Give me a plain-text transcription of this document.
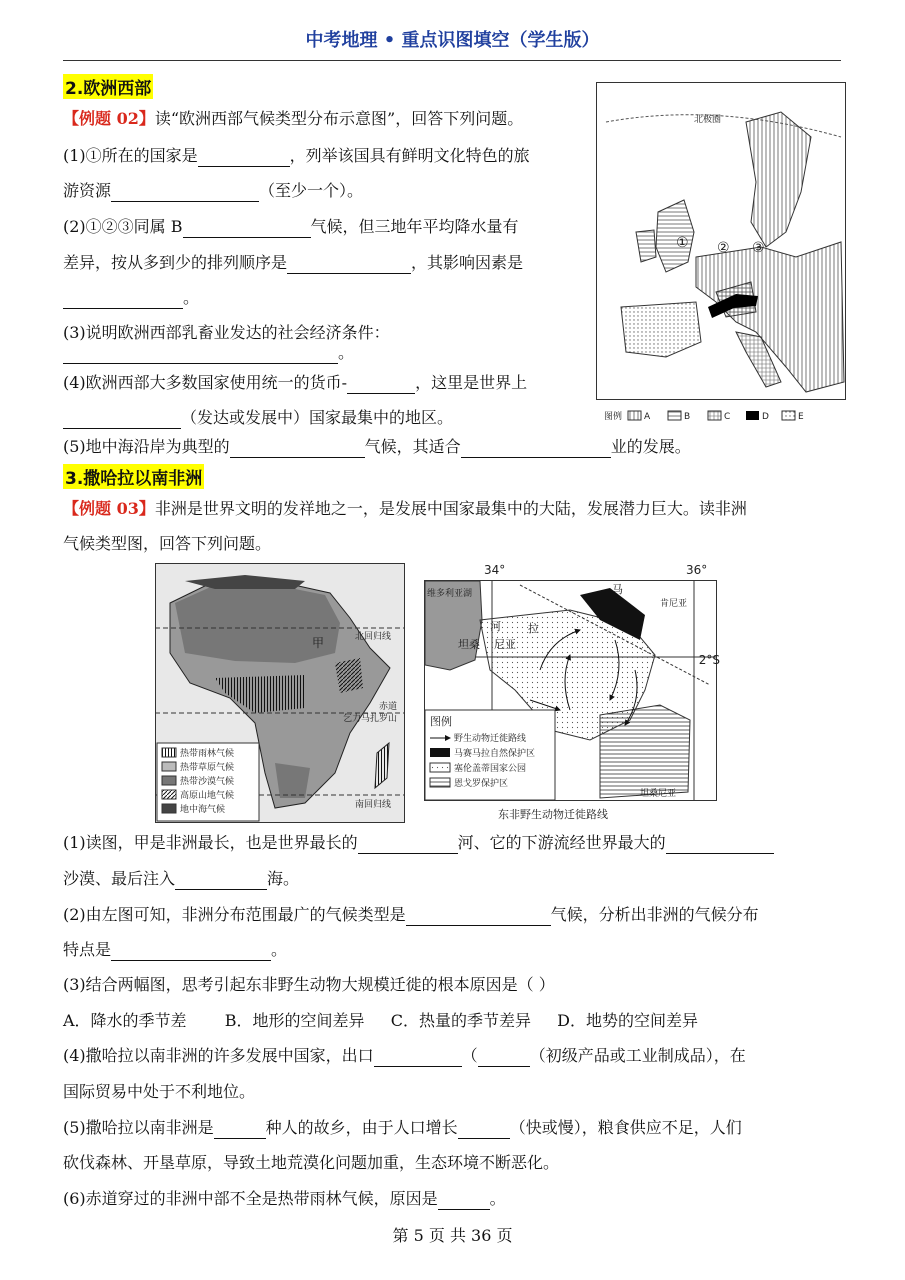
中考地理 • 重点识图填空（学生版）
2.欧洲西部
【例题 02】读“欧洲西部气候类型分布示意图”，回答下列问题。
(1)①所在的国家是	，列举该国具有鲜明文化特色的旅
游资源	（至少一个）。
(2)①②③同属 B	气候，但三地年平均降水量有
差异，按从多到少的排列顺序是	，其影响因素是
。
(3)说明欧洲西部乳畜业发达的社会经济条件：
。
(4)欧洲西部大多数国家使用统一的货币-	，这里是世界上
（发达或发展中）国家最集中的地区。
(5)地中海沿岸为典型的	气候，其适合	业的发展。
北极圈
① ② ③
图例 A	B	C	D	E
3.撒哈拉以南非洲
【例题 03】非洲是世界文明的发祥地之一，是发展中国家最集中的大陆，发展潜力巨大。读非洲
气候类型图，回答下列问题。
甲	北回归线
赤道
乞力马扎罗山
南回归线
热带雨林气候
热带草原气候
热带沙漠气候
高原山地气候
地中海气候
34°	36°
2°S
维多利亚湖
河 拉
尼亚
坦桑
马
肯尼亚
坦桑尼亚
图例
野生动物迁徙路线
马赛马拉自然保护区
塞伦盖蒂国家公园
恩戈罗保护区
东非野生动物迁徙路线
(1)读图，甲是非洲最长，也是世界最长的	河、它的下游流经世界最大的
沙漠、最后注入	海。
(2)由左图可知，非洲分布范围最广的气候类型是	气候，分析出非洲的气候分布
特点是	。
(3)结合两幅图，思考引起东非野生动物大规模迁徙的根本原因是（ ）
A．降水的季节差 B．地形的空间差异 C．热量的季节差异 D．地势的空间差异
(4)撒哈拉以南非洲的许多发展中国家，出口	（	（初级产品或工业制成品），在
国际贸易中处于不利地位。
(5)撒哈拉以南非洲是	种人的故乡，由于人口增长	（快或慢），粮食供应不足，人们
砍伐森林、开垦草原，导致土地荒漠化问题加重，生态环境不断恶化。
(6)赤道穿过的非洲中部不全是热带雨林气候，原因是	。
第 5 页 共 36 页
